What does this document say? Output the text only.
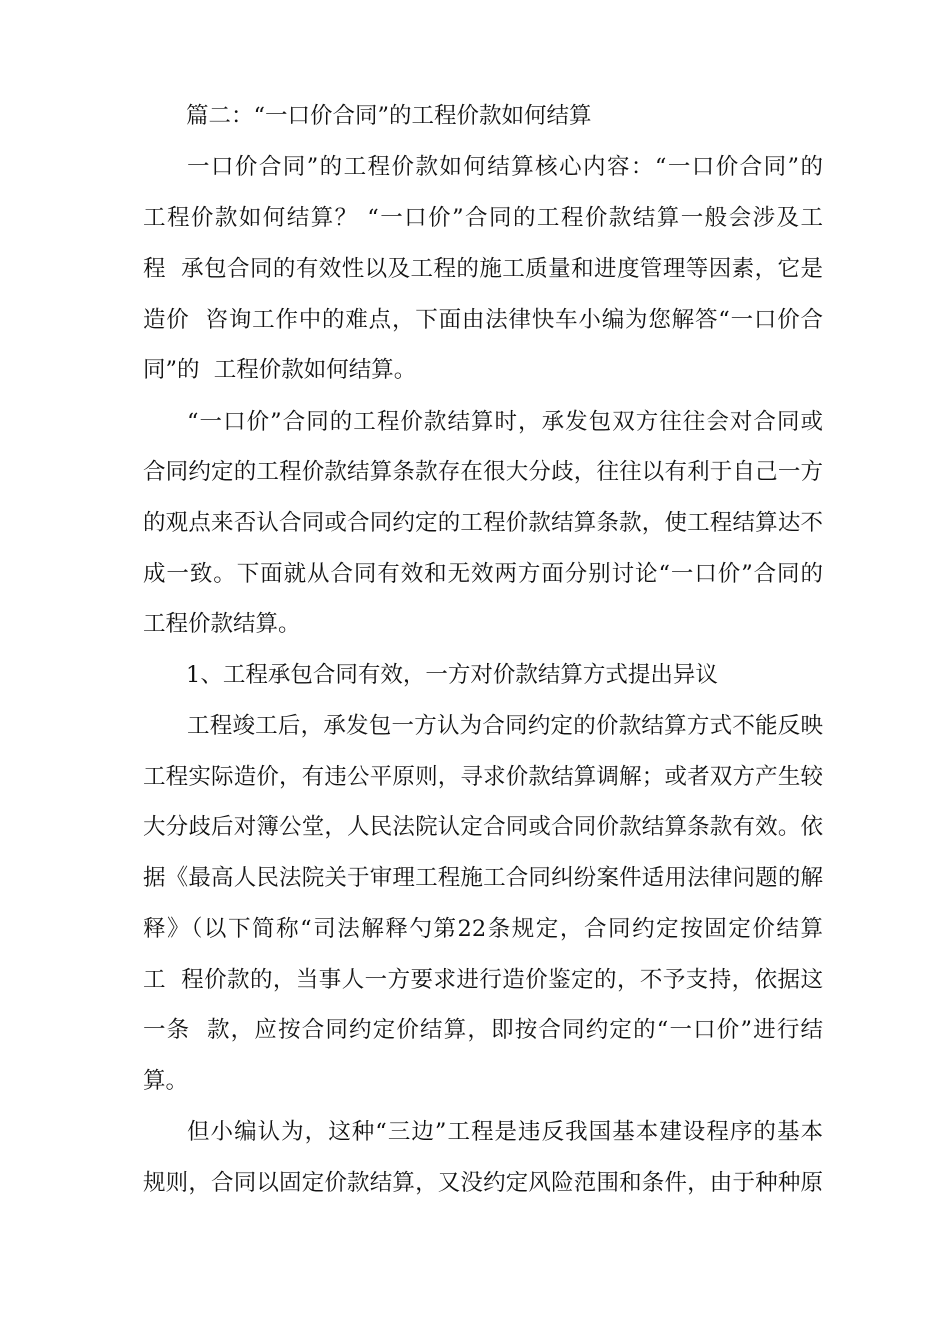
篇二：“一口价合同”的工程价款如何结算
一口价合同”的工程价款如何结算核心内容：“一口价合同”的
工程价款如何结算？ “一口价”合同的工程价款结算一般会涉及工
程  承包合同的有效性以及工程的施工质量和进度管理等因素，它是
造价  咨询工作中的难点，下面由法律快车小编为您解答“一口价合
同”的  工程价款如何结算。
“一口价”合同的工程价款结算时，承发包双方往往会对合同或
合同约定的工程价款结算条款存在很大分歧，往往以有利于自己一方
的观点来否认合同或合同约定的工程价款结算条款，使工程结算达不
成一致。下面就从合同有效和无效两方面分别讨论“一口价”合同的
工程价款结算。
1、工程承包合同有效，一方对价款结算方式提出异议
工程竣工后，承发包一方认为合同约定的价款结算方式不能反映
工程实际造价，有违公平原则，寻求价款结算调解；或者双方产生较
大分歧后对簿公堂，人民法院认定合同或合同价款结算条款有效。依
据《最高人民法院关于审理工程施工合同纠纷案件适用法律问题的解
释》（以下简称“司法解释勺第22条规定，合同约定按固定价结算
工  程价款的，当事人一方要求进行造价鉴定的，不予支持，依据这
一条  款，应按合同约定价结算，即按合同约定的“一口价”进行结
算。
但小编认为，这种“三边”工程是违反我国基本建设程序的基本
规则，合同以固定价款结算，又没约定风险范围和条件，由于种种原
